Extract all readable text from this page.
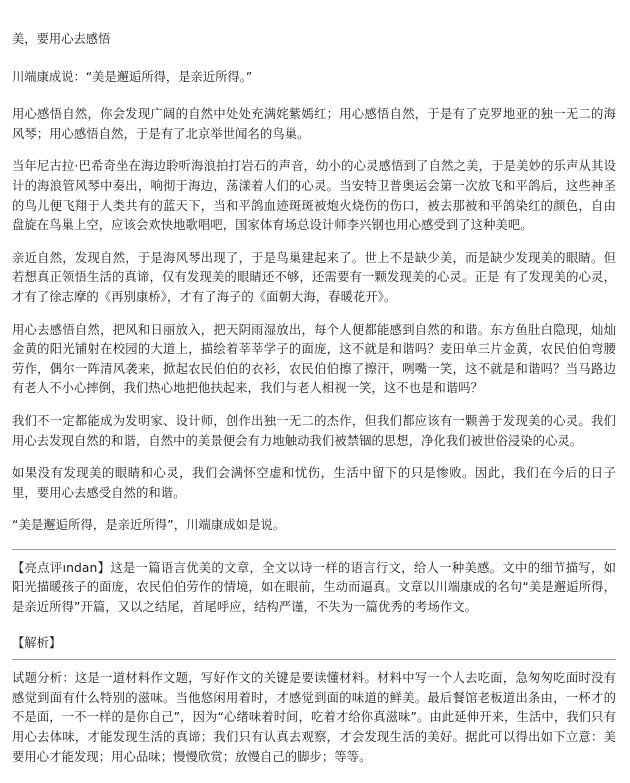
美，要用心去感悟
川端康成说：“美是邂逅所得，是亲近所得。”

用心感悟自然，你会发现广阔的自然中处处充满姹紫嫣红；用心感悟自然，于是有了克罗地亚的独一无二的海风琴；用心感悟自然，于是有了北京举世闻名的鸟巢。

当年尼古拉·巴希奇坐在海边聆听海浪拍打岩石的声音，幼小的心灵感悟到了自然之美，于是美妙的乐声从其设计的海浪管风琴中奏出，响彻于海边，荡漾着人们的心灵。当安特卫普奥运会第一次放飞和平鸽后，这些神圣的鸟儿便飞翔于人类共有的蓝天下，当和平鸽血迹斑斑被炮火烧伤的伤口，被去那被和平鸽染红的颜色，自由盘旋在鸟巢上空，应该会欢快地歌唱吧，国家体育场总设计师李兴钢也用心感受到了这种美吧。

亲近自然，发现自然，于是海风琴出现了，于是鸟巢建起来了。世上不是缺少美，而是缺少发现美的眼睛。但若想真正领悟生活的真谛，仅有发现美的眼睛还不够，还需要有一颗发现美的心灵。正是 有了发现美的心灵，才有了徐志摩的《再别康桥》，才有了海子的《面朝大海，春暖花开》。

用心去感悟自然，把风和日丽放入，把天阴雨湿放出，每个人便都能感到自然的和谐。东方鱼肚白隐现，灿灿金黄的阳光铺射在校园的大道上，描绘着莘莘学子的面庞，这不就是和谐吗？麦田单三片金黄，农民伯伯弯腰劳作，偶尔一阵清风袭来，掀起农民伯伯的衣衫，农民伯伯擦了擦汗，咧嘴一笑，这不就是和谐吗？当马路边有老人不小心摔倒，我们热心地把他扶起来，我们与老人相视一笑，这不也是和谐吗？

我们不一定都能成为发明家、设计师，创作出独一无二的杰作，但我们都应该有一颗善于发现美的心灵。我们用心去发现自然的和谐，自然中的美景便会有力地触动我们被禁锢的思想，净化我们被世俗浸染的心灵。

如果没有发现美的眼睛和心灵，我们会满怀空虚和忧伤，生活中留下的只是惨败。因此，我们在今后的日子里，要用心去感受自然的和谐。

“美是邂逅所得，是亲近所得”，川端康成如是说。

【亮点评ından】这是一篇语言优美的文章，全文以诗一样的语言行文，给人一种美感。文中的细节描写，如阳光描暖孩子的面庞，农民伯伯劳作的情境，如在眼前，生动而逼真。文章以川端康成的名句“美是邂逅所得，是亲近所得”开篇，又以之结尾，首尾呼应，结构严谨，不失为一篇优秀的考场作文。

【解析】

试题分析：这是一道材料作文题，写好作文的关键是要读懂材料。材料中写一个人去吃面，急匆匆吃面时没有感觉到面有什么特别的滋味。当他悠闲用着时，才感觉到面的味道的鲜美。最后餐馆老板道出条由，一杯才的不是面，一不一样的是你自己”，因为“心绪味着时间，吃着才给你真滋味”。由此延伸开来，生活中，我们只有用心去体味，才能发现生活的真谛；我们只有认真去观察，才会发现生活的美好。据此可以得出如下立意：美要用心才能发现；用心品味；慢慢欣赏；放慢自己的脚步；等等。
